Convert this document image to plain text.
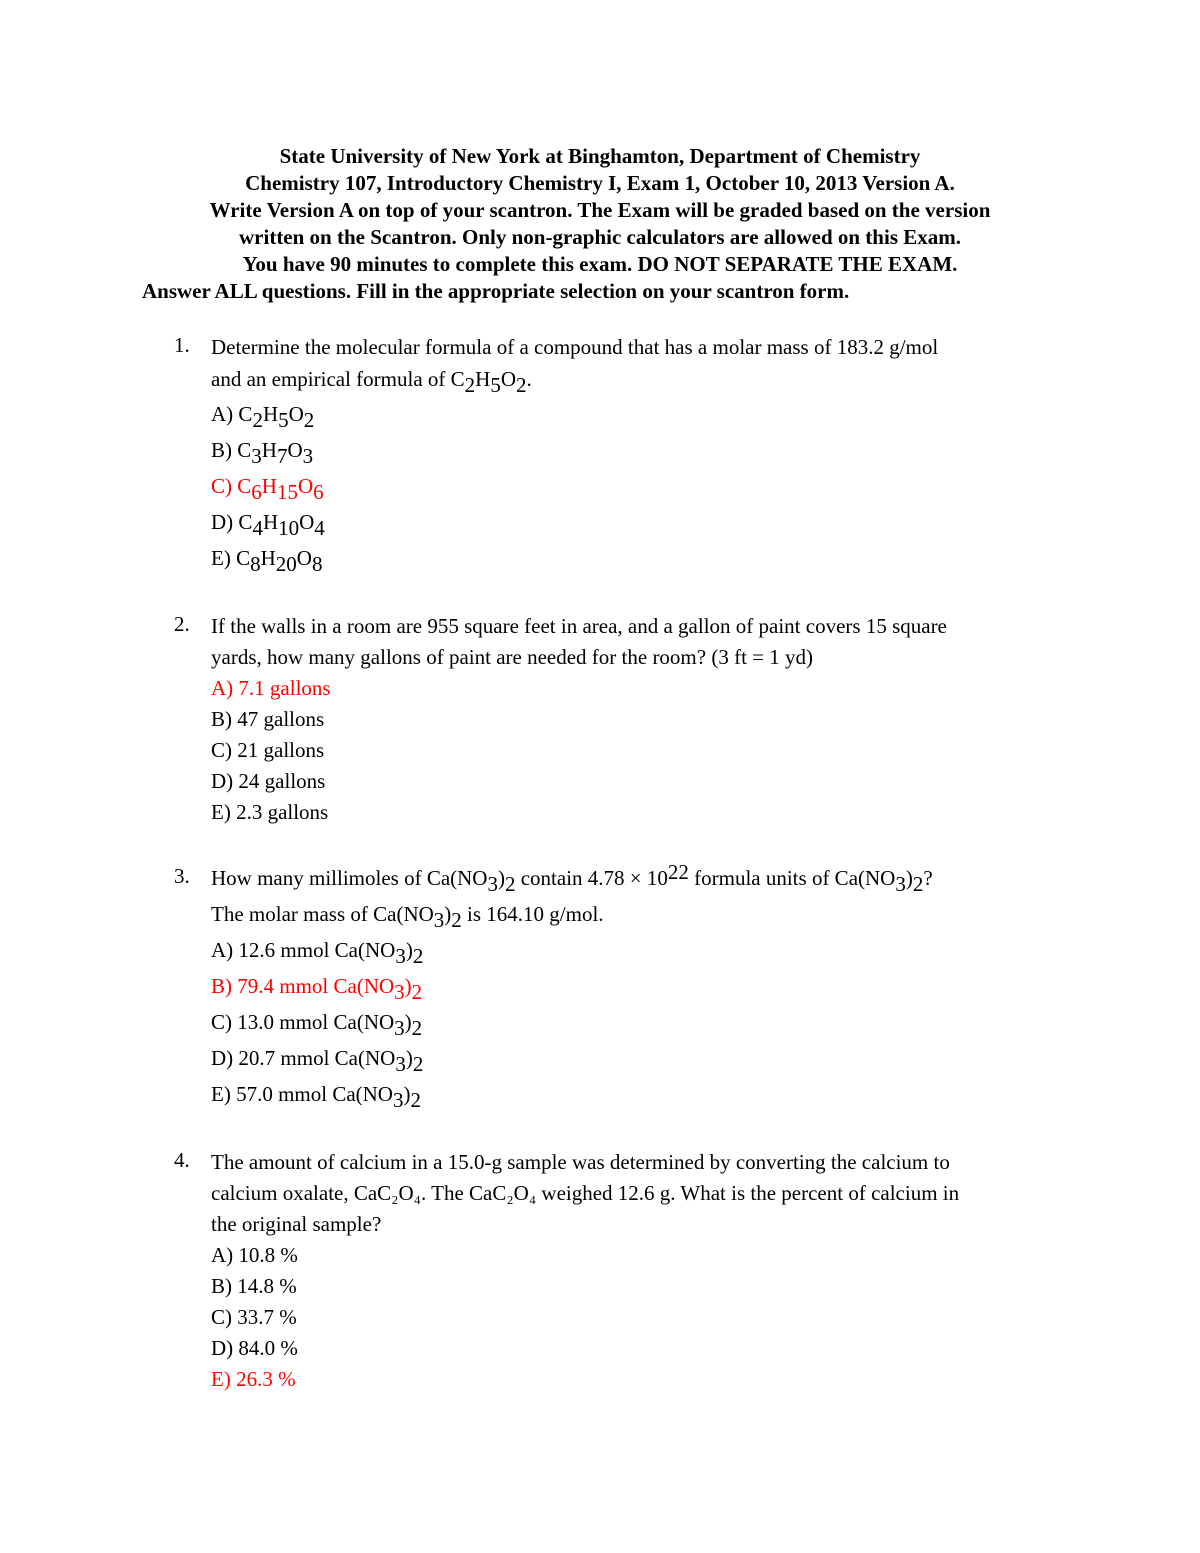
State University of New York at Binghamton, Department of Chemistry
Chemistry 107, Introductory Chemistry I, Exam 1, October 10, 2013 Version A.
Write Version A on top of your scantron. The Exam will be graded based on the version
written on the Scantron. Only non-graphic calculators are allowed on this Exam.
You have 90 minutes to complete this exam. DO NOT SEPARATE THE EXAM.
Answer ALL questions. Fill in the appropriate selection on your scantron form.
1. Determine the molecular formula of a compound that has a molar mass of 183.2 g/mol
and an empirical formula of $C_2H_5O_2$.
A) $C_2H_5O_2$
B) $C_3H_7O_3$
C) $C_6H_{15}O_6$
D) $C_4H_{10}O_4$
E) $C_8H_{20}O_8$
2. If the walls in a room are 955 square feet in area, and a gallon of paint covers 15 square
yards, how many gallons of paint are needed for the room? (3 ft = 1 yd)
A) 7.1 gallons
B) 47 gallons
C) 21 gallons
D) 24 gallons
E) 2.3 gallons
3. How many millimoles of $Ca(NO_3)_2$ contain $4.78 \times 10^{22}$ formula units of $Ca(NO_3)_2$?
The molar mass of $Ca(NO_3)_2$ is 164.10 g/mol.
A) 12.6 mmol $Ca(NO_3)_2$
B) 79.4 mmol $Ca(NO_3)_2$
C) 13.0 mmol $Ca(NO_3)_2$
D) 20.7 mmol $Ca(NO_3)_2$
E) 57.0 mmol $Ca(NO_3)_2$
4. The amount of calcium in a 15.0-g sample was determined by converting the calcium to
calcium oxalate, CaC₂O₄. The CaC₂O₄ weighed 12.6 g. What is the percent of calcium in
the original sample?
A) 10.8 %
B) 14.8 %
C) 33.7 %
D) 84.0 %
E) 26.3 %
